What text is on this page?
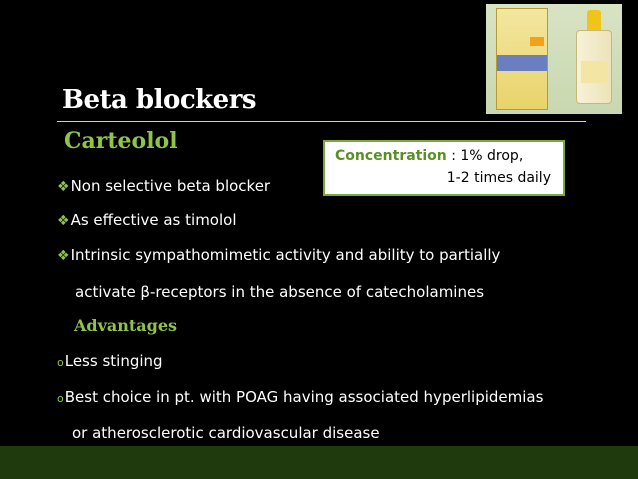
Beta blockers
Carteolol
Concentration : 1% drop,
1-2 times daily
❖Non selective beta blocker
❖As effective as timolol
❖Intrinsic sympathomimetic activity and ability to partially
activate β-receptors in the absence of catecholamines
Advantages
oLess stinging
oBest choice in pt. with POAG having associated hyperlipidemias
or atherosclerotic cardiovascular disease
